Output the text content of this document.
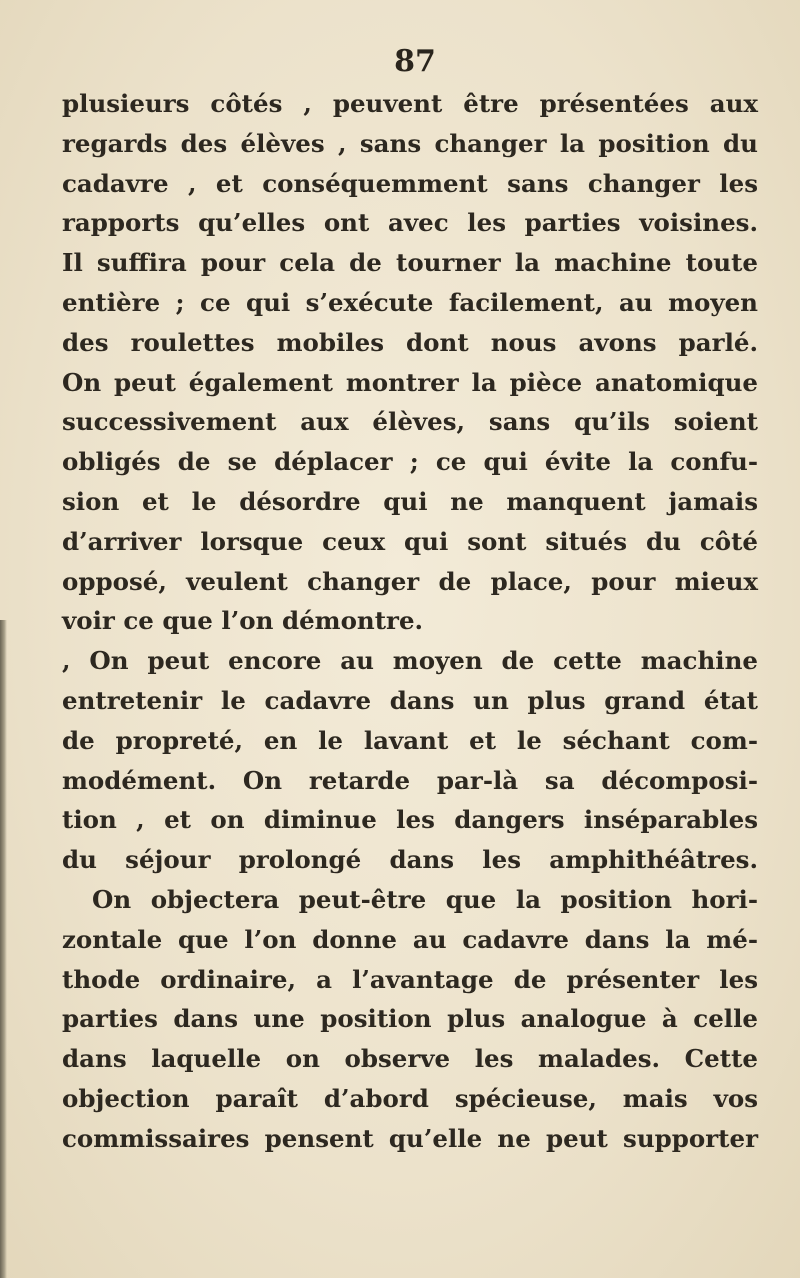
87
plusieurs côtés , peuvent être présentées aux
regards des élèves , sans changer la position du
cadavre , et conséquemment sans changer les
rapports qu’elles ont avec les parties voisines.
Il suffira pour cela de tourner la machine toute
entière ; ce qui s’exécute facilement, au moyen
des roulettes mobiles dont nous avons parlé.
On peut également montrer la pièce anatomique
successivement aux élèves, sans qu’ils soient
obligés de se déplacer ; ce qui évite la confu-
sion et le désordre qui ne manquent jamais
d’arriver lorsque ceux qui sont situés du côté
opposé, veulent changer de place, pour mieux
voir ce que l’on démontre.
, On peut encore au moyen de cette machine
entretenir le cadavre dans un plus grand état
de propreté, en le lavant et le séchant com-
modément. On retarde par-là sa décomposi-
tion , et on diminue les dangers inséparables
du séjour prolongé dans les amphithéâtres.
On objectera peut-être que la position hori-
zontale que l’on donne au cadavre dans la mé-
thode ordinaire, a l’avantage de présenter les
parties dans une position plus analogue à celle
dans laquelle on observe les malades. Cette
objection paraît d’abord spécieuse, mais vos
commissaires pensent qu’elle ne peut supporter
